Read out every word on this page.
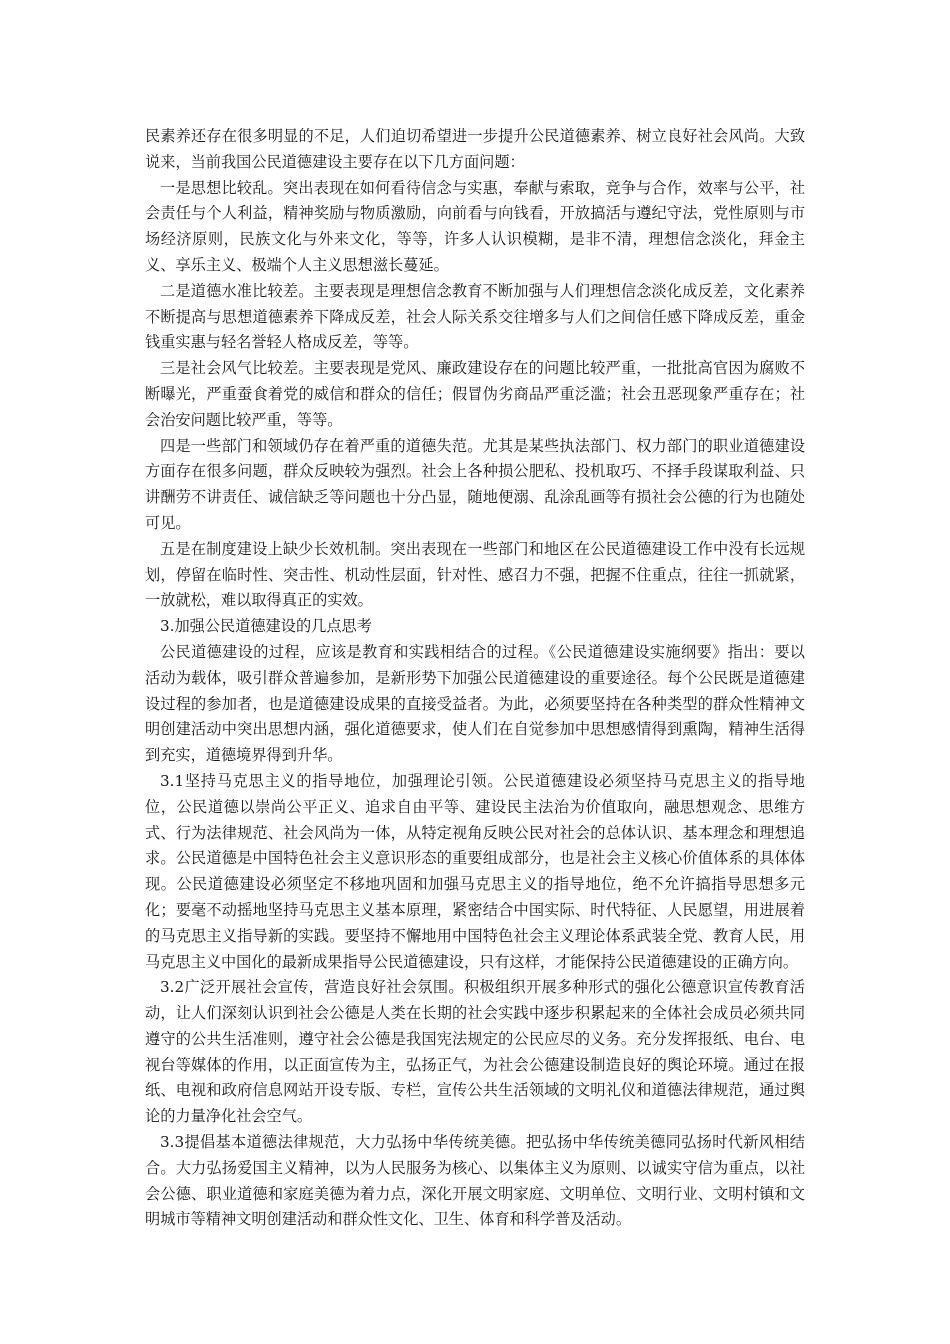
民素养还存在很多明显的不足，人们迫切希望进一步提升公民道德素养、树立良好社会风尚。大致说来，当前我国公民道德建设主要存在以下几方面问题：

一是思想比较乱。突出表现在如何看待信念与实惠，奉献与索取，竞争与合作，效率与公平，社会责任与个人利益，精神奖励与物质激励，向前看与向钱看，开放搞活与遵纪守法，党性原则与市场经济原则，民族文化与外来文化，等等，许多人认识模糊，是非不清，理想信念淡化，拜金主义、享乐主义、极端个人主义思想滋长蔓延。

二是道德水准比较差。主要表现是理想信念教育不断加强与人们理想信念淡化成反差，文化素养不断提高与思想道德素养下降成反差，社会人际关系交往增多与人们之间信任感下降成反差，重金钱重实惠与轻名誉轻人格成反差，等等。

三是社会风气比较差。主要表现是党风、廉政建设存在的问题比较严重，一批批高官因为腐败不断曝光，严重蚕食着党的威信和群众的信任；假冒伪劣商品严重泛滥；社会丑恶现象严重存在；社会治安问题比较严重，等等。

四是一些部门和领域仍存在着严重的道德失范。尤其是某些执法部门、权力部门的职业道德建设方面存在很多问题，群众反映较为强烈。社会上各种损公肥私、投机取巧、不择手段谋取利益、只讲酬劳不讲责任、诚信缺乏等问题也十分凸显，随地便溺、乱涂乱画等有损社会公德的行为也随处可见。

五是在制度建设上缺少长效机制。突出表现在一些部门和地区在公民道德建设工作中没有长远规划，停留在临时性、突击性、机动性层面，针对性、感召力不强，把握不住重点，往往一抓就紧，一放就松，难以取得真正的实效。

3.加强公民道德建设的几点思考

公民道德建设的过程，应该是教育和实践相结合的过程。《公民道德建设实施纲要》指出：要以活动为载体，吸引群众普遍参加，是新形势下加强公民道德建设的重要途径。每个公民既是道德建设过程的参加者，也是道德建设成果的直接受益者。为此，必须要坚持在各种类型的群众性精神文明创建活动中突出思想内涵，强化道德要求，使人们在自觉参加中思想感情得到熏陶，精神生活得到充实，道德境界得到升华。

3.1坚持马克思主义的指导地位，加强理论引领。公民道德建设必须坚持马克思主义的指导地位，公民道德以崇尚公平正义、追求自由平等、建设民主法治为价值取向，融思想观念、思维方式、行为法律规范、社会风尚为一体，从特定视角反映公民对社会的总体认识、基本理念和理想追求。公民道德是中国特色社会主义意识形态的重要组成部分，也是社会主义核心价值体系的具体体现。公民道德建设必须坚定不移地巩固和加强马克思主义的指导地位，绝不允许搞指导思想多元化；要毫不动摇地坚持马克思主义基本原理，紧密结合中国实际、时代特征、人民愿望，用进展着的马克思主义指导新的实践。要坚持不懈地用中国特色社会主义理论体系武装全党、教育人民，用马克思主义中国化的最新成果指导公民道德建设，只有这样，才能保持公民道德建设的正确方向。

3.2广泛开展社会宣传，营造良好社会氛围。积极组织开展多种形式的强化公德意识宣传教育活动，让人们深刻认识到社会公德是人类在长期的社会实践中逐步积累起来的全体社会成员必须共同遵守的公共生活准则，遵守社会公德是我国宪法规定的公民应尽的义务。充分发挥报纸、电台、电视台等媒体的作用，以正面宣传为主，弘扬正气，为社会公德建设制造良好的舆论环境。通过在报纸、电视和政府信息网站开设专版、专栏，宣传公共生活领域的文明礼仪和道德法律规范，通过舆论的力量净化社会空气。

3.3提倡基本道德法律规范，大力弘扬中华传统美德。把弘扬中华传统美德同弘扬时代新风相结合。大力弘扬爱国主义精神，以为人民服务为核心、以集体主义为原则、以诚实守信为重点，以社会公德、职业道德和家庭美德为着力点，深化开展文明家庭、文明单位、文明行业、文明村镇和文明城市等精神文明创建活动和群众性文化、卫生、体育和科学普及活动。
